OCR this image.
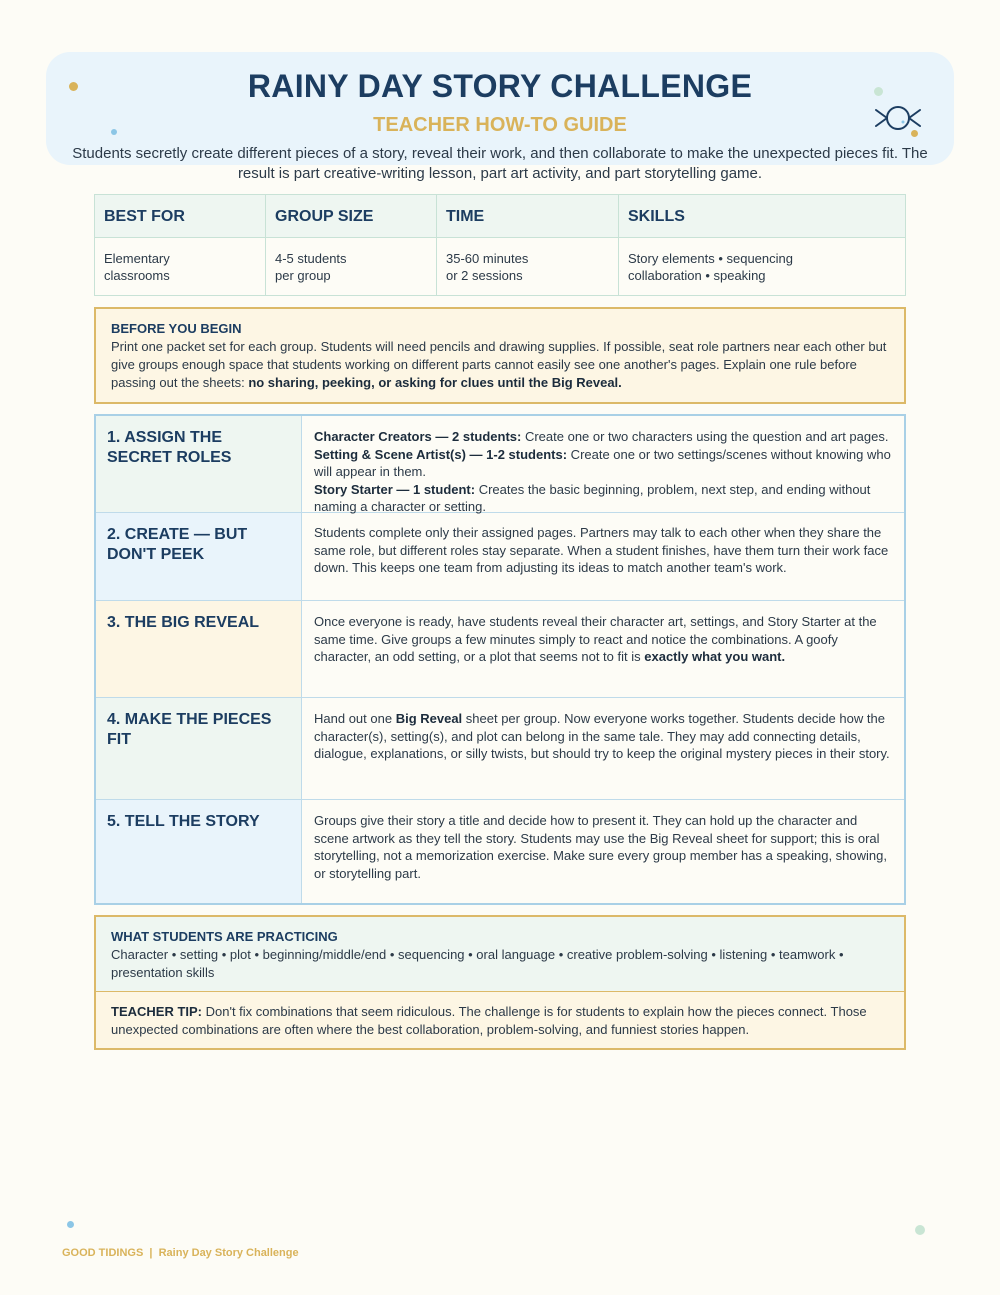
RAINY DAY STORY CHALLENGE
TEACHER HOW-TO GUIDE
Students secretly create different pieces of a story, reveal their work, and then collaborate to make the unexpected pieces fit. The result is part creative-writing lesson, part art activity, and part storytelling game.
BEST FOR
Elementary
classrooms
GROUP SIZE
4-5 students
per group
TIME
35-60 minutes
or 2 sessions
SKILLS
Story elements • sequencing
collaboration • speaking
BEFORE YOU BEGIN
Print one packet set for each group. Students will need pencils and drawing supplies. If possible, seat role partners near each other but give groups enough space that students working on different parts cannot easily see one another's pages. Explain one rule before passing out the sheets: no sharing, peeking, or asking for clues until the Big Reveal.
1. ASSIGN THE SECRET ROLES
Character Creators — 2 students: Create one or two characters using the question and art pages.
Setting & Scene Artist(s) — 1-2 students: Create one or two settings/scenes without knowing who will appear in them.
Story Starter — 1 student: Creates the basic beginning, problem, next step, and ending without naming a character or setting.
2. CREATE — BUT DON'T PEEK
Students complete only their assigned pages. Partners may talk to each other when they share the same role, but different roles stay separate. When a student finishes, have them turn their work face down. This keeps one team from adjusting its ideas to match another team's work.
3. THE BIG REVEAL	Once everyone is ready, have students reveal their character art, settings, and Story Starter at the same time. Give groups a few minutes simply to react and notice the combinations. A goofy character, an odd setting, or a plot that seems not to fit is exactly what you want.
4. MAKE THE PIECES FIT
Hand out one Big Reveal sheet per group. Now everyone works together. Students decide how the character(s), setting(s), and plot can belong in the same tale. They may add connecting details, dialogue, explanations, or silly twists, but should try to keep the original mystery pieces in their story.
5. TELL THE STORY	Groups give their story a title and decide how to present it. They can hold up the character and scene artwork as they tell the story. Students may use the Big Reveal sheet for support; this is oral storytelling, not a memorization exercise. Make sure every group member has a speaking, showing, or storytelling part.
WHAT STUDENTS ARE PRACTICING
Character • setting • plot • beginning/middle/end • sequencing • oral language • creative problem-solving • listening • teamwork • presentation skills
TEACHER TIP: Don't fix combinations that seem ridiculous. The challenge is for students to explain how the pieces connect. Those unexpected combinations are often where the best collaboration, problem-solving, and funniest stories happen.
GOOD TIDINGS | Rainy Day Story Challenge
